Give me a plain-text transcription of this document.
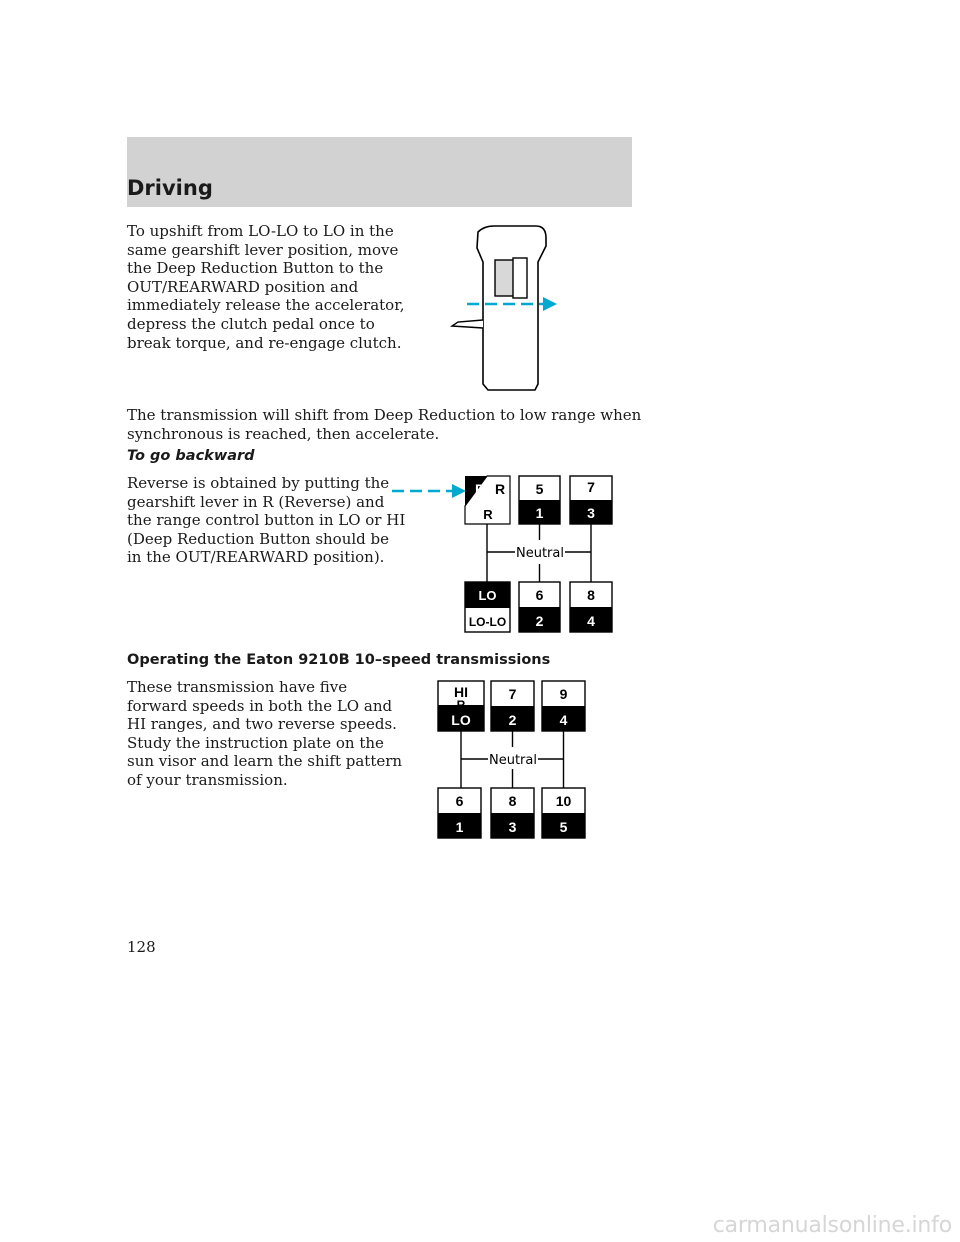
Driving
To upshift from LO-LO to LO in the
same gearshift lever position, move
the Deep Reduction Button to the
OUT/REARWARD position and
immediately release the accelerator,
depress the clutch pedal once to
break torque, and re-engage clutch.
The transmission will shift from Deep Reduction to low range when
synchronous is reached, then accelerate.
To go backward
Reverse is obtained by putting the
gearshift lever in R (Reverse) and
the range control button in LO or HI
(Deep Reduction Button should be
in the OUT/REARWARD position).
R R
R
5
1
7
3
Neutral
LO
LO-LO
6
2
8
4
Operating the Eaton 9210B 10–speed transmissions
These transmission have five
forward speeds in both the LO and
HI ranges, and two reverse speeds.
Study the instruction plate on the
sun visor and learn the shift pattern
of your transmission.
HI
R
LO
7
2
9
4
Neutral
6
1
8
3
10
5
128
carmanualsonline.info
